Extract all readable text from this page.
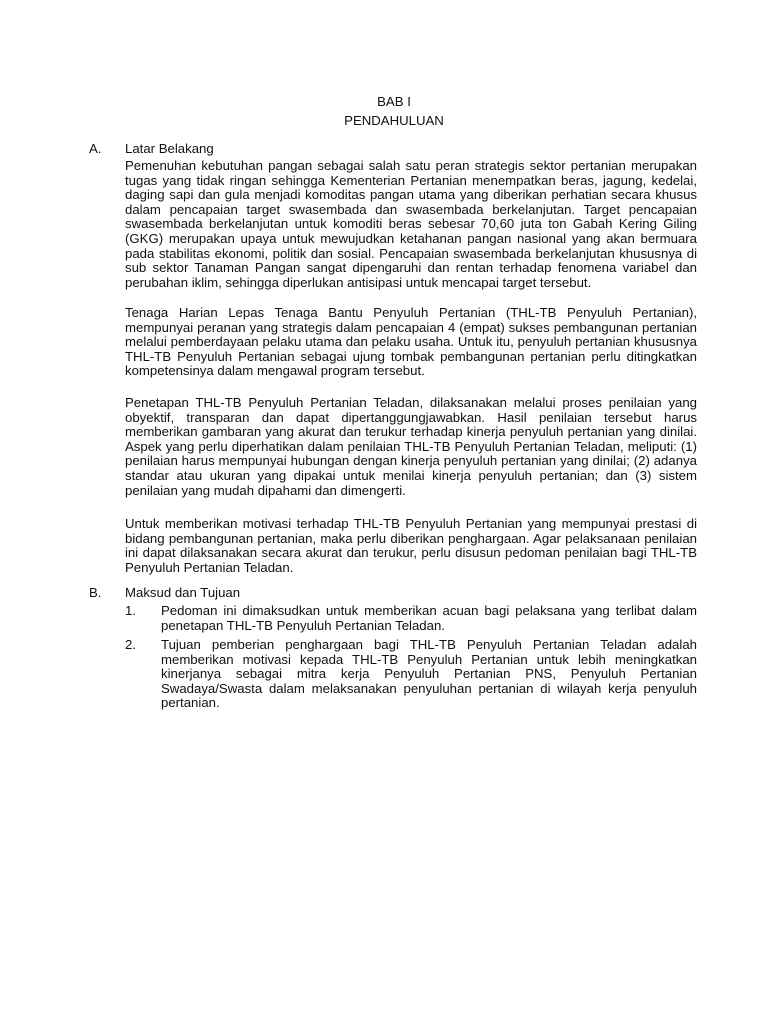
BAB I
PENDAHULUAN
A. Latar Belakang

Pemenuhan kebutuhan pangan sebagai salah satu peran strategis sektor pertanian merupakan tugas yang tidak ringan sehingga Kementerian Pertanian menempatkan beras, jagung, kedelai, daging sapi dan gula menjadi komoditas pangan utama yang diberikan perhatian secara khusus dalam pencapaian target swasembada dan swasembada berkelanjutan. Target pencapaian swasembada berkelanjutan untuk komoditi beras sebesar 70,60 juta ton Gabah Kering Giling (GKG) merupakan upaya untuk mewujudkan ketahanan pangan nasional yang akan bermuara pada stabilitas ekonomi, politik dan sosial. Pencapaian swasembada berkelanjutan khususnya di sub sektor Tanaman Pangan sangat dipengaruhi dan rentan terhadap fenomena variabel dan perubahan iklim, sehingga diperlukan antisipasi untuk mencapai target tersebut.

Tenaga Harian Lepas Tenaga Bantu Penyuluh Pertanian (THL-TB Penyuluh Pertanian), mempunyai peranan yang strategis dalam pencapaian 4 (empat) sukses pembangunan pertanian melalui pemberdayaan pelaku utama dan pelaku usaha. Untuk itu, penyuluh pertanian khususnya THL-TB Penyuluh Pertanian sebagai ujung tombak pembangunan pertanian perlu ditingkatkan kompetensinya dalam mengawal program tersebut.

Penetapan THL-TB Penyuluh Pertanian Teladan, dilaksanakan melalui proses penilaian yang obyektif, transparan dan dapat dipertanggungjawabkan. Hasil penilaian tersebut harus memberikan gambaran yang akurat dan terukur terhadap kinerja penyuluh pertanian yang dinilai. Aspek yang perlu diperhatikan dalam penilaian THL-TB Penyuluh Pertanian Teladan, meliputi: (1) penilaian harus mempunyai hubungan dengan kinerja penyuluh pertanian yang dinilai; (2) adanya standar atau ukuran yang dipakai untuk menilai kinerja penyuluh pertanian; dan (3) sistem penilaian yang mudah dipahami dan dimengerti.

Untuk memberikan motivasi terhadap THL-TB Penyuluh Pertanian yang mempunyai prestasi di bidang pembangunan pertanian, maka perlu diberikan penghargaan. Agar pelaksanaan penilaian ini dapat dilaksanakan secara akurat dan terukur, perlu disusun pedoman penilaian bagi THL-TB Penyuluh Pertanian Teladan.

B. Maksud dan Tujuan
1. Pedoman ini dimaksudkan untuk memberikan acuan bagi pelaksana yang terlibat dalam penetapan THL-TB Penyuluh Pertanian Teladan.

2. Tujuan pemberian penghargaan bagi THL-TB Penyuluh Pertanian Teladan adalah memberikan motivasi kepada THL-TB Penyuluh Pertanian untuk lebih meningkatkan kinerjanya sebagai mitra kerja Penyuluh Pertanian PNS, Penyuluh Pertanian Swadaya/Swasta dalam melaksanakan penyuluhan pertanian di wilayah kerja penyuluh pertanian.
